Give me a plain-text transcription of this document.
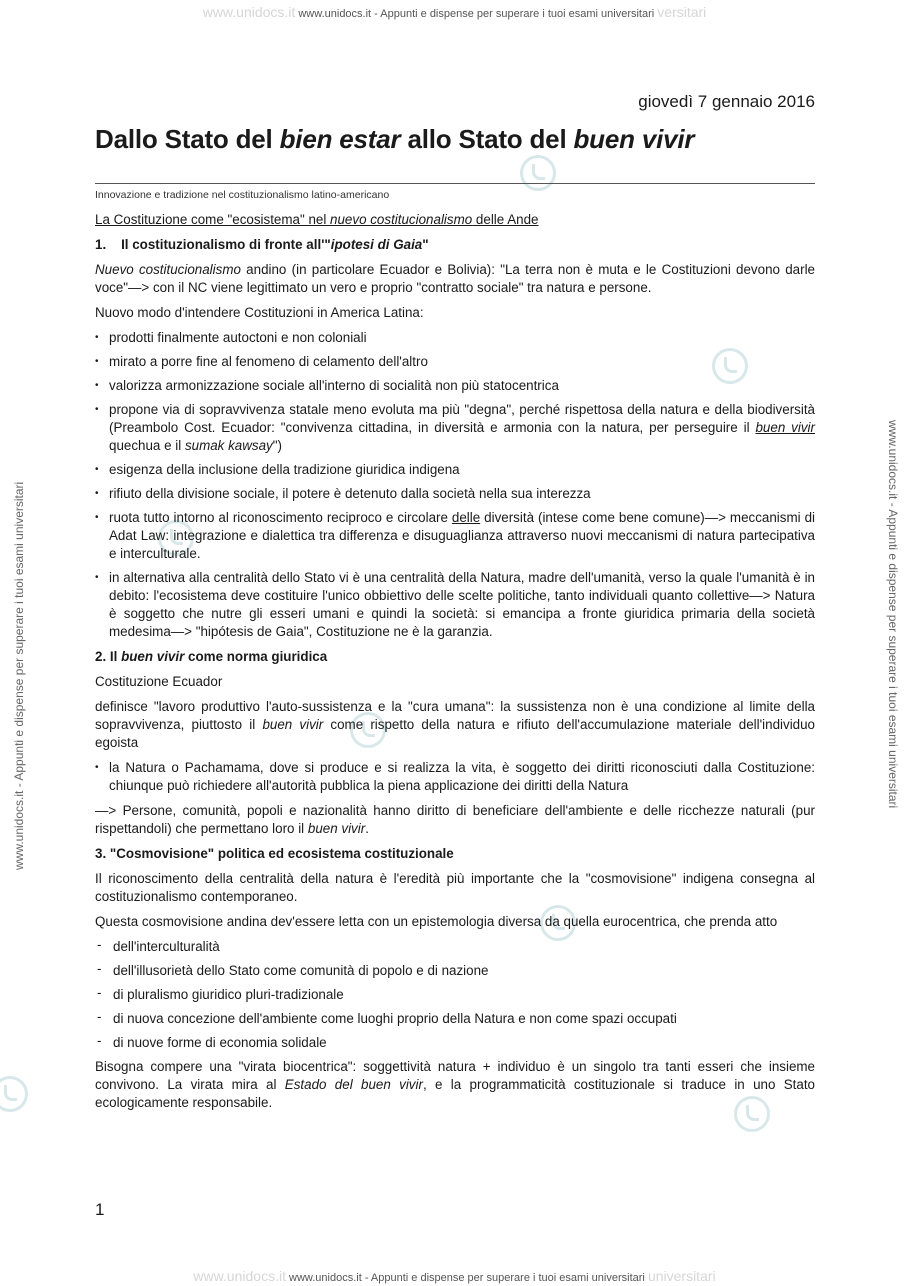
www.unidocs.it www.unidocs.it - Appunti e dispense per superare i tuoi esami universitari versitari
www.unidocs.it www.unidocs.it - Appunti e dispense per superare i tuoi esami universitari universitari
www.unidocs.it - Appunti e dispense per superare i tuoi esami universitari	www.unidocs.it - Appunti e dispense per superare i tuoi esami universitari
giovedì 7 gennaio 2016
Dallo Stato del bien estar allo Stato del buen vivir
Innovazione e tradizione nel costituzionalismo latino-americano

La Costituzione come "ecosistema" nel nuevo costitucionalismo delle Ande

1. Il costituzionalismo di fronte all'"ipotesi di Gaia"

Nuevo costitucionalismo andino (in particolare Ecuador e Bolivia): "La terra non è muta e le Costituzioni devono darle voce"—> con il NC viene legittimato un vero e proprio "contratto sociale" tra natura e persone.

Nuovo modo d'intendere Costituzioni in America Latina:

• prodotti finalmente autoctoni e non coloniali
• mirato a porre fine al fenomeno di celamento dell'altro
• valorizza armonizzazione sociale all'interno di socialità non più statocentrica
• propone via di sopravvivenza statale meno evoluta ma più "degna", perché rispettosa della natura e della biodiversità (Preambolo Cost. Ecuador: "convivenza cittadina, in diversità e armonia con la natura, per perseguire il buen vivir quechua e il sumak kawsay")
• esigenza della inclusione della tradizione giuridica indigena
• rifiuto della divisione sociale, il potere è detenuto dalla società nella sua interezza
• ruota tutto intorno al riconoscimento reciproco e circolare delle diversità (intese come bene comune)—> meccanismi di Adat Law: integrazione e dialettica tra differenza e disuguaglianza attraverso nuovi meccanismi di natura partecipativa e interculturale.
• in alternativa alla centralità dello Stato vi è una centralità della Natura, madre dell'umanità, verso la quale l'umanità è in debito: l'ecosistema deve costituire l'unico obbiettivo delle scelte politiche, tanto individuali quanto collettive—> Natura è soggetto che nutre gli esseri umani e quindi la società: si emancipa a fronte giuridica primaria della società medesima—> "hipótesis de Gaia", Costituzione ne è la garanzia.

2. Il buen vivir come norma giuridica

Costituzione Ecuador

definisce "lavoro produttivo l'auto-sussistenza e la "cura umana": la sussistenza non è una condizione al limite della sopravvivenza, piuttosto il buen vivir come rispetto della natura e rifiuto dell'accumulazione materiale dell'individuo egoista

• la Natura o Pachamama, dove si produce e si realizza la vita, è soggetto dei diritti riconosciuti dalla Costituzione: chiunque può richiedere all'autorità pubblica la piena applicazione dei diritti della Natura

—> Persone, comunità, popoli e nazionalità hanno diritto di beneficiare dell'ambiente e delle ricchezze naturali (pur rispettandoli) che permettano loro il buen vivir.

3. "Cosmovisione" politica ed ecosistema costituzionale

Il riconoscimento della centralità della natura è l'eredità più importante che la "cosmovisione" indigena consegna al costituzionalismo contemporaneo.

Questa cosmovisione andina dev'essere letta con un epistemologia diversa da quella eurocentrica, che prenda atto

- dell'interculturalità
- dell'illusorietà dello Stato come comunità di popolo e di nazione
- di pluralismo giuridico pluri-tradizionale
- di nuova concezione dell'ambiente come luoghi proprio della Natura e non come spazi occupati
- di nuove forme di economia solidale

Bisogna compere una "virata biocentrica": soggettività natura + individuo è un singolo tra tanti esseri che insieme convivono. La virata mira al Estado del buen vivir, e la programmaticità costituzionale si traduce in uno Stato ecologicamente responsabile.

1
